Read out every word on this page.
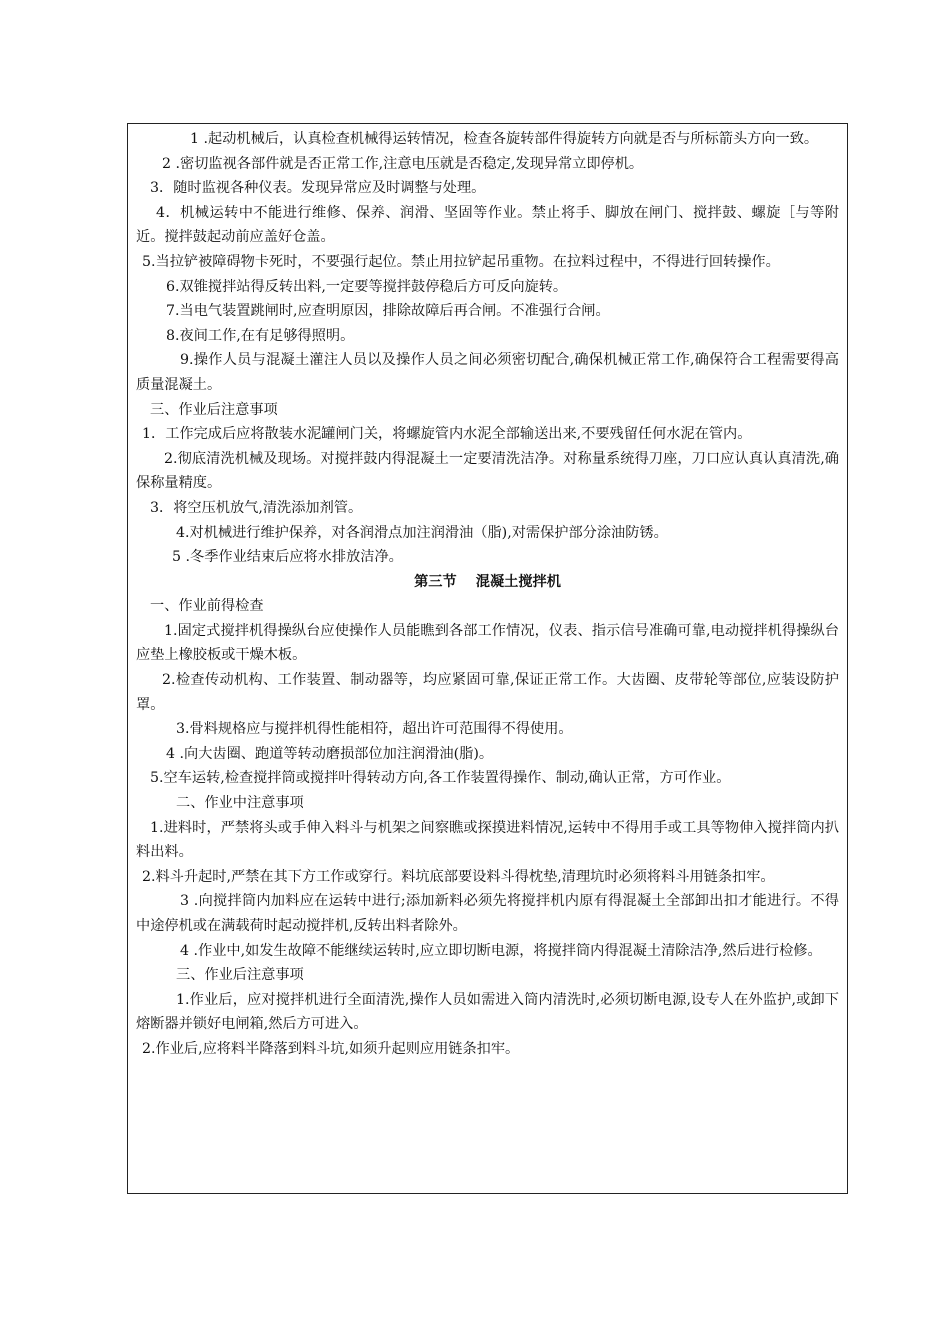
1 .起动机械后，认真检查机械得运转情况，检查各旋转部件得旋转方向就是否与所标箭头方向一致。

2 .密切监视各部件就是否正常工作,注意电压就是否稳定,发现异常立即停机。

3．随时监视各种仪表。发现异常应及时调整与处理。

4．机械运转中不能进行维修、保养、润滑、坚固等作业。禁止将手、脚放在闸门、搅拌鼓、螺旋［与等附近。搅拌鼓起动前应盖好仓盖。

5.当拉铲被障碍物卡死时，不要强行起位。禁止用拉铲起吊重物。在拉料过程中，不得进行回转操作。

6.双锥搅拌站得反转出料,一定要等搅拌鼓停稳后方可反向旋转。

7.当电气装置跳闸时,应查明原因，排除故障后再合闸。不准强行合闸。

8.夜间工作,在有足够得照明。

9.操作人员与混凝土灌注人员以及操作人员之间必须密切配合,确保机械正常工作,确保符合工程需要得高质量混凝土。

三、作业后注意事项

1．工作完成后应将散装水泥罐闸门关，将螺旋管内水泥全部输送出来,不要残留任何水泥在管内。

2.彻底清洗机械及现场。对搅拌鼓内得混凝土一定要清洗洁净。对称量系统得刀座，刀口应认真认真清洗,确保称量精度。

3．将空压机放气,清洗添加剂管。

4.对机械进行维护保养，对各润滑点加注润滑油（脂),对需保护部分涂油防锈。

5 .冬季作业结束后应将水排放洁净。

第三节　 混凝土搅拌机

一、作业前得检查

1.固定式搅拌机得操纵台应使操作人员能瞧到各部工作情况，仪表、指示信号准确可靠,电动搅拌机得操纵台应垫上橡胶板或干燥木板。

2.检查传动机构、工作装置、制动器等，均应紧固可靠,保证正常工作。大齿圈、皮带轮等部位,应装设防护罩。

3.骨料规格应与搅拌机得性能相符，超出许可范围得不得使用。

4 .向大齿圈、跑道等转动磨损部位加注润滑油(脂)。

5.空车运转,检查搅拌筒或搅拌叶得转动方向,各工作装置得操作、制动,确认正常，方可作业。

二、作业中注意事项

1.进料时，严禁将头或手伸入料斗与机架之间察瞧或探摸进料情况,运转中不得用手或工具等物伸入搅拌筒内扒料出料。

2.料斗升起时,严禁在其下方工作或穿行。料坑底部要设料斗得枕垫,清理坑时必须将料斗用链条扣牢。

3 .向搅拌筒内加料应在运转中进行;添加新料必须先将搅拌机内原有得混凝土全部卸出扣才能进行。不得中途停机或在满载荷时起动搅拌机,反转出料者除外。

4 .作业中,如发生故障不能继续运转时,应立即切断电源，将搅拌筒内得混凝土清除洁净,然后进行检修。

三、作业后注意事项

1.作业后，应对搅拌机进行全面清洗,操作人员如需进入筒内清洗时,必须切断电源,设专人在外监护,或卸下熔断器并锁好电闸箱,然后方可进入。

2.作业后,应将料半降落到料斗坑,如须升起则应用链条扣牢。
